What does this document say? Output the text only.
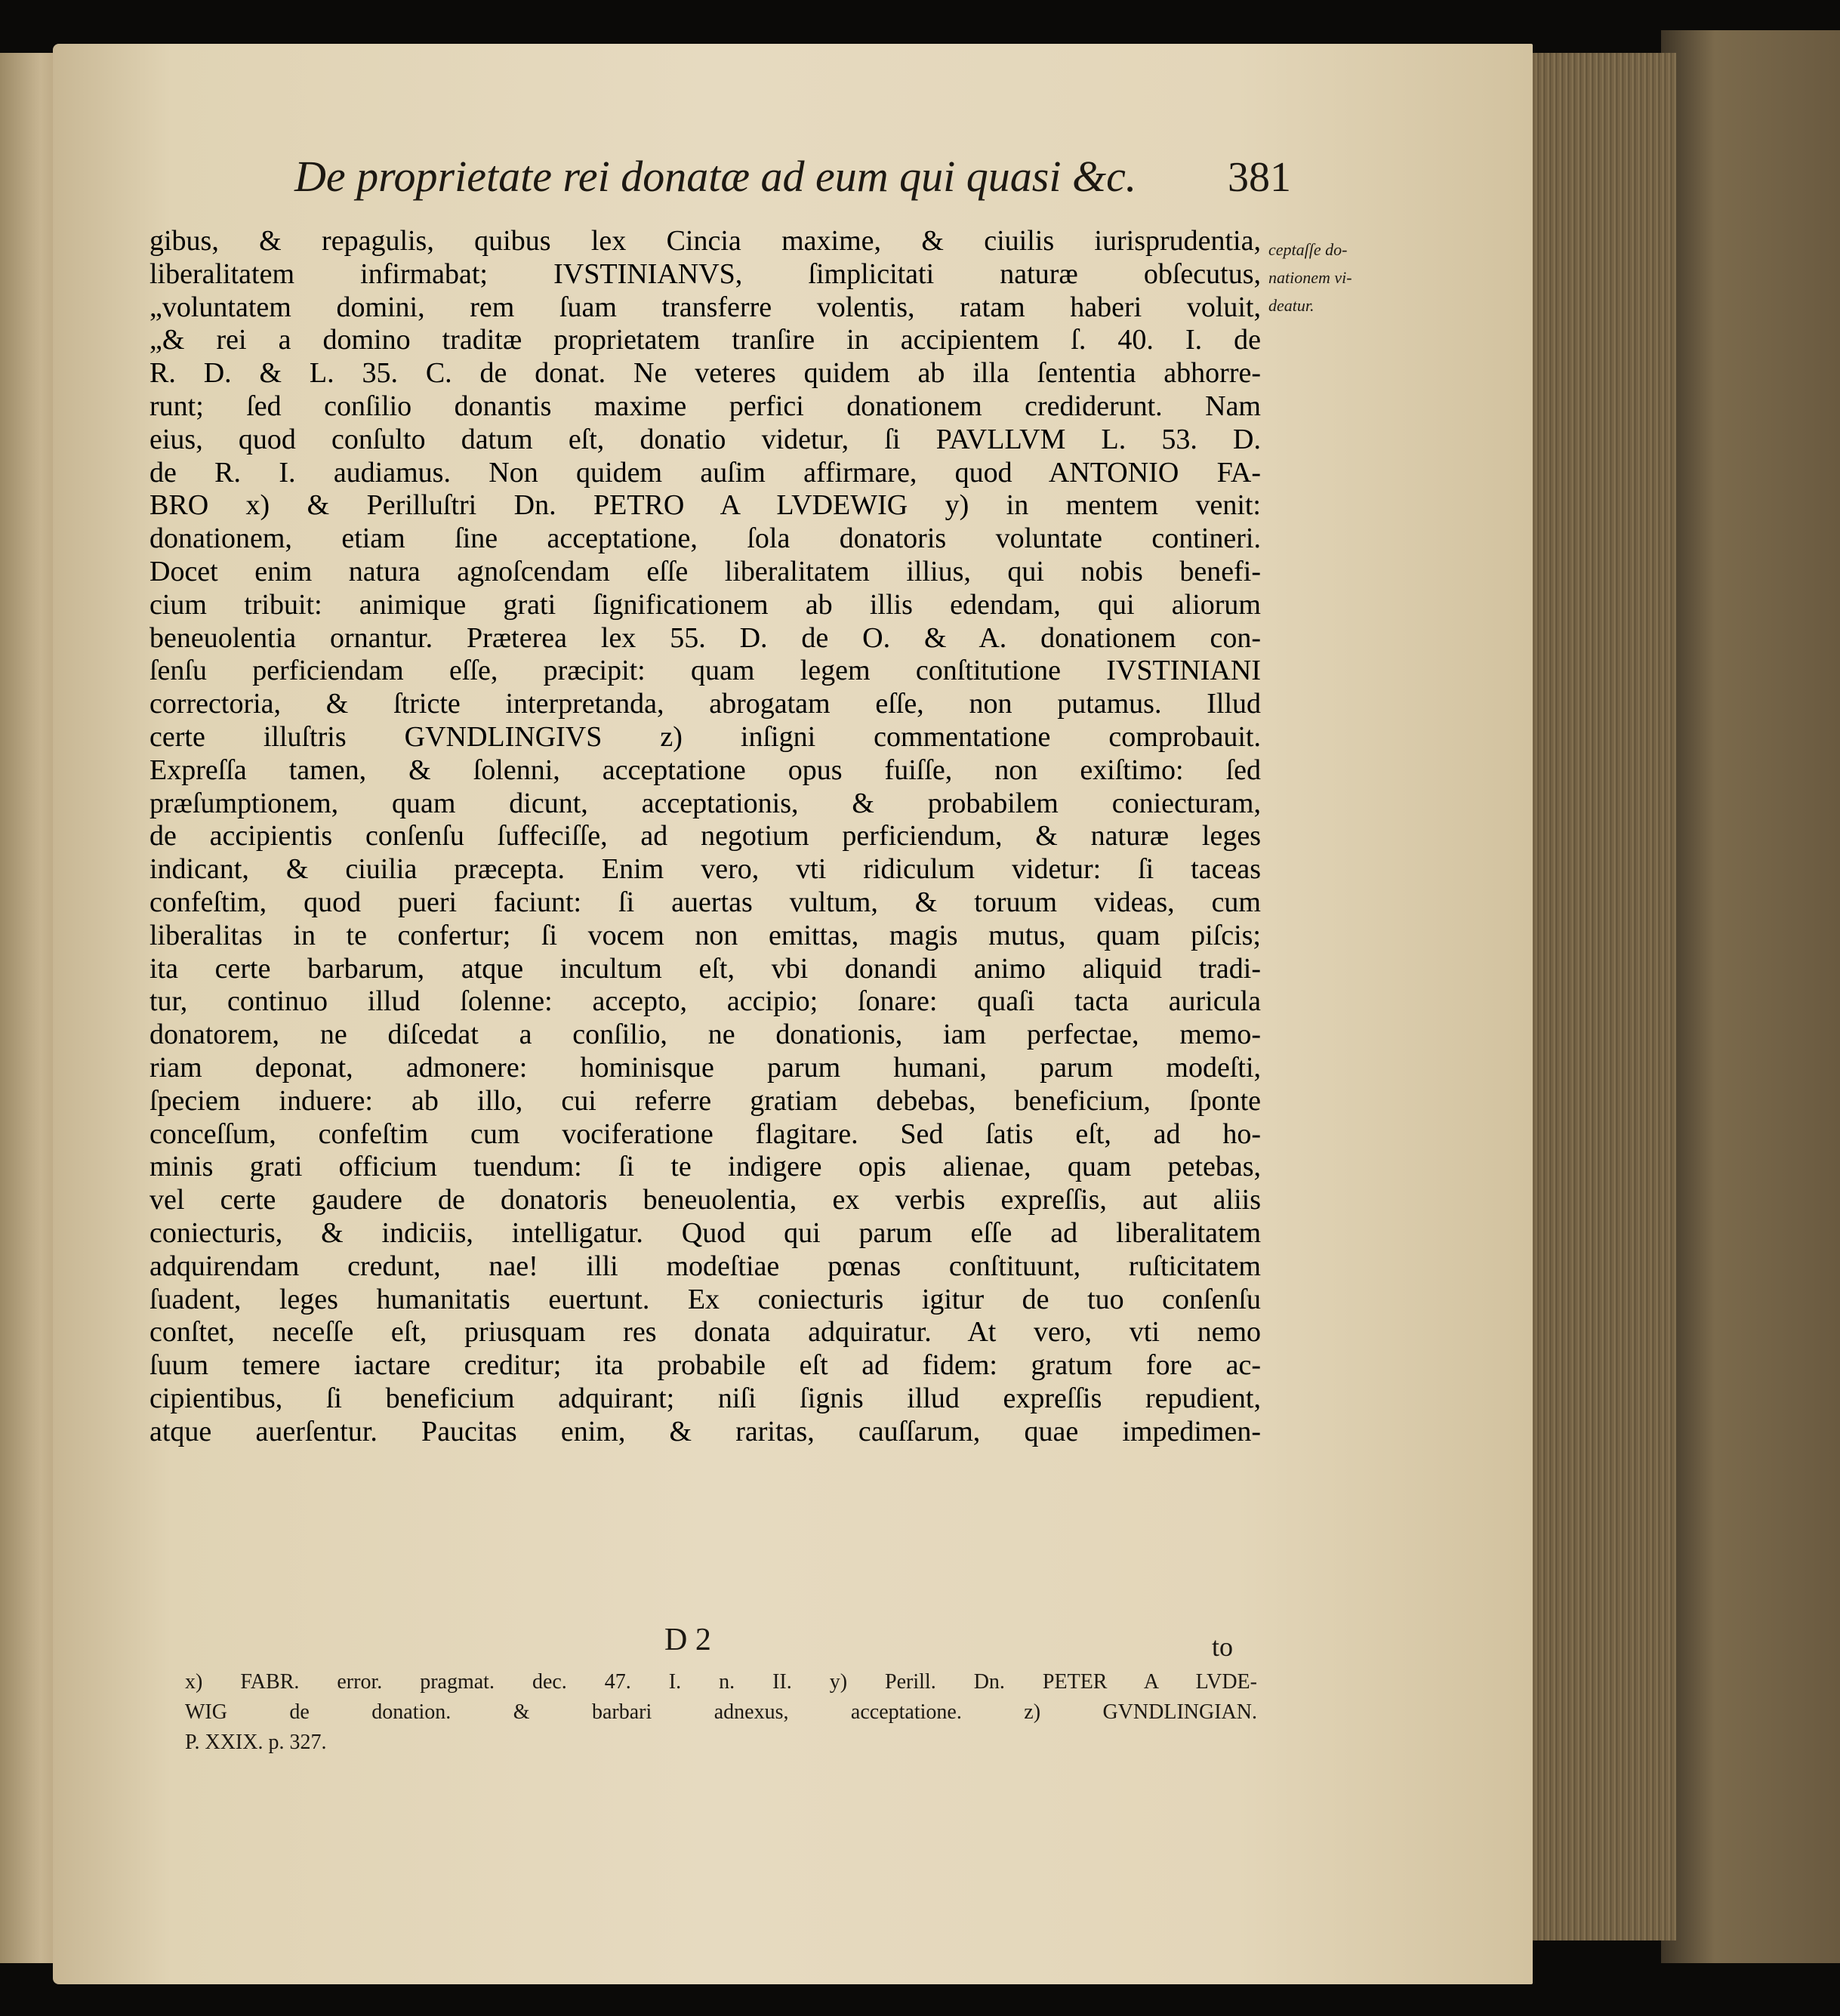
De proprietate rei donatæ ad eum qui quasi &c. 381
ceptaſſe do-
nationem vi-
deatur.
gibus, & repagulis, quibus lex Cincia maxime, & ciuilis iurisprudentia,
liberalitatem infirmabat; IVSTINIANVS, ſimplicitati naturæ obſecutus,
„voluntatem domini, rem ſuam transferre volentis, ratam haberi voluit,
„& rei a domino traditæ proprietatem tranſire in accipientem ſ. 40. I. de
R. D. & L. 35. C. de donat. Ne veteres quidem ab illa ſententia abhorre-
runt; ſed conſilio donantis maxime perfici donationem crediderunt. Nam
eius, quod conſulto datum eſt, donatio videtur, ſi PAVLLVM L. 53. D.
de R. I. audiamus. Non quidem auſim affirmare, quod ANTONIO FA-
BRO x) & Perilluſtri Dn. PETRO A LVDEWIG y) in mentem venit:
donationem, etiam ſine acceptatione, ſola donatoris voluntate contineri.
Docet enim natura agnoſcendam eſſe liberalitatem illius, qui nobis benefi-
cium tribuit: animique grati ſignificationem ab illis edendam, qui aliorum
beneuolentia ornantur. Præterea lex 55. D. de O. & A. donationem con-
ſenſu perficiendam eſſe, præcipit: quam legem conſtitutione IVSTINIANI
correctoria, & ſtricte interpretanda, abrogatam eſſe, non putamus. Illud
certe illuſtris GVNDLINGIVS z) inſigni commentatione comprobauit.
Expreſſa tamen, & ſolenni, acceptatione opus fuiſſe, non exiſtimo: ſed
præſumptionem, quam dicunt, acceptationis, & probabilem coniecturam,
de accipientis conſenſu ſuffeciſſe, ad negotium perficiendum, & naturæ leges
indicant, & ciuilia præcepta. Enim vero, vti ridiculum videtur: ſi taceas
confeſtim, quod pueri faciunt: ſi auertas vultum, & toruum videas, cum
liberalitas in te confertur; ſi vocem non emittas, magis mutus, quam piſcis;
ita certe barbarum, atque incultum eſt, vbi donandi animo aliquid tradi-
tur, continuo illud ſolenne: accepto, accipio; ſonare: quaſi tacta auricula
donatorem, ne diſcedat a conſilio, ne donationis, iam perfectae, memo-
riam deponat, admonere: hominisque parum humani, parum modeſti,
ſpeciem induere: ab illo, cui referre gratiam debebas, beneficium, ſponte
conceſſum, confeſtim cum vociferatione flagitare. Sed ſatis eſt, ad ho-
minis grati officium tuendum: ſi te indigere opis alienae, quam petebas,
vel certe gaudere de donatoris beneuolentia, ex verbis expreſſis, aut aliis
coniecturis, & indiciis, intelligatur. Quod qui parum eſſe ad liberalitatem
adquirendam credunt, nae! illi modeſtiae pœnas conſtituunt, ruſticitatem
ſuadent, leges humanitatis euertunt. Ex coniecturis igitur de tuo conſenſu
conſtet, neceſſe eſt, priusquam res donata adquiratur. At vero, vti nemo
ſuum temere iactare creditur; ita probabile eſt ad fidem: gratum fore ac-
cipientibus, ſi beneficium adquirant; niſi ſignis illud expreſſis repudient,
atque auerſentur. Paucitas enim, & raritas, cauſſarum, quae impedimen-
D 2	to
x) FABR. error. pragmat. dec. 47. I. n. II. y) Perill. Dn. PETER A LVDE-
WIG de donation. & barbari adnexus, acceptatione. z) GVNDLINGIAN.
P. XXIX. p. 327.
